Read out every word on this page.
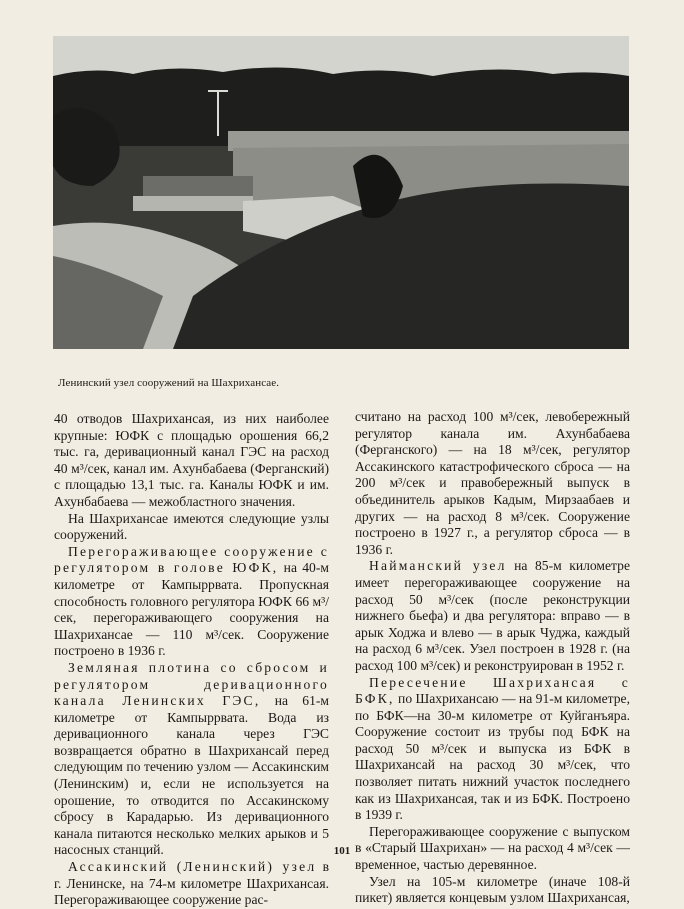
Ленинский узел сооружений на Шахрихансае.

40 отводов Шахрихансая, из них наиболее крупные: ЮФК с площадью орошения 66,2 тыс. га, деривационный канал ГЭС на расход 40 м³/сек, канал им. Ахунбабаева (Ферганский) с площадью 13,1 тыс. га. Каналы ЮФК и им. Ахунбабаева — межобластного значения.

На Шахрихансае имеются следующие узлы сооружений.

Перегораживающее сооружение с регулятором в голове ЮФК, на 40-м километре от Кампыррвата. Пропускная способность головного регулятора ЮФК 66 м³/сек, перегораживающего сооружения на Шахрихансае — 110 м³/сек. Сооружение построено в 1936 г.

Земляная плотина со сбросом и регулятором деривационного канала Ленинских ГЭС, на 61-м километре от Кампыррвата. Вода из деривационного канала через ГЭС возвращается обратно в Шахрихансай перед следующим по течению узлом — Ассакинским (Ленинским) и, если не используется на орошение, то отводится по Ассакинскому сбросу в Карадарью. Из деривационного канала питаются несколько мелких арыков и 5 насосных станций.

Ассакинский (Ленинский) узел в г. Ленинске, на 74-м километре Шахрихансая. Перегораживающее сооружение рас-

считано на расход 100 м³/сек, левобережный регулятор канала им. Ахунбабаева (Ферганского) — на 18 м³/сек, регулятор Ассакинского катастрофического сброса — на 200 м³/сек и правобережный выпуск в объединитель арыков Кадым, Мирзаабаев и других — на расход 8 м³/сек. Сооружение построено в 1927 г., а регулятор сброса — в 1936 г.

Найманский узел на 85-м километре имеет перегораживающее сооружение на расход 50 м³/сек (после реконструкции нижнего бьефа) и два регулятора: вправо — в арык Ходжа и влево — в арык Чуджа, каждый на расход 6 м³/сек. Узел построен в 1928 г. (на расход 100 м³/сек) и реконструирован в 1952 г.

Пересечение Шахрихансая с БФК, по Шахрихансаю — на 91-м километре, по БФК—на 30-м километре от Куйганъяра. Сооружение состоит из трубы под БФК на расход 50 м³/сек и выпуска из БФК в Шахрихансай на расход 30 м³/сек, что позволяет питать нижний участок последнего как из Шахрихансая, так и из БФК. Построено в 1939 г.

Перегораживающее сооружение с выпуском в «Старый Шахрихан» — на расход 4 м³/сек — временное, частью деревянное.

Узел на 105-м километре (иначе 108-й пикет) является концевым узлом Шахрихансая,

101
